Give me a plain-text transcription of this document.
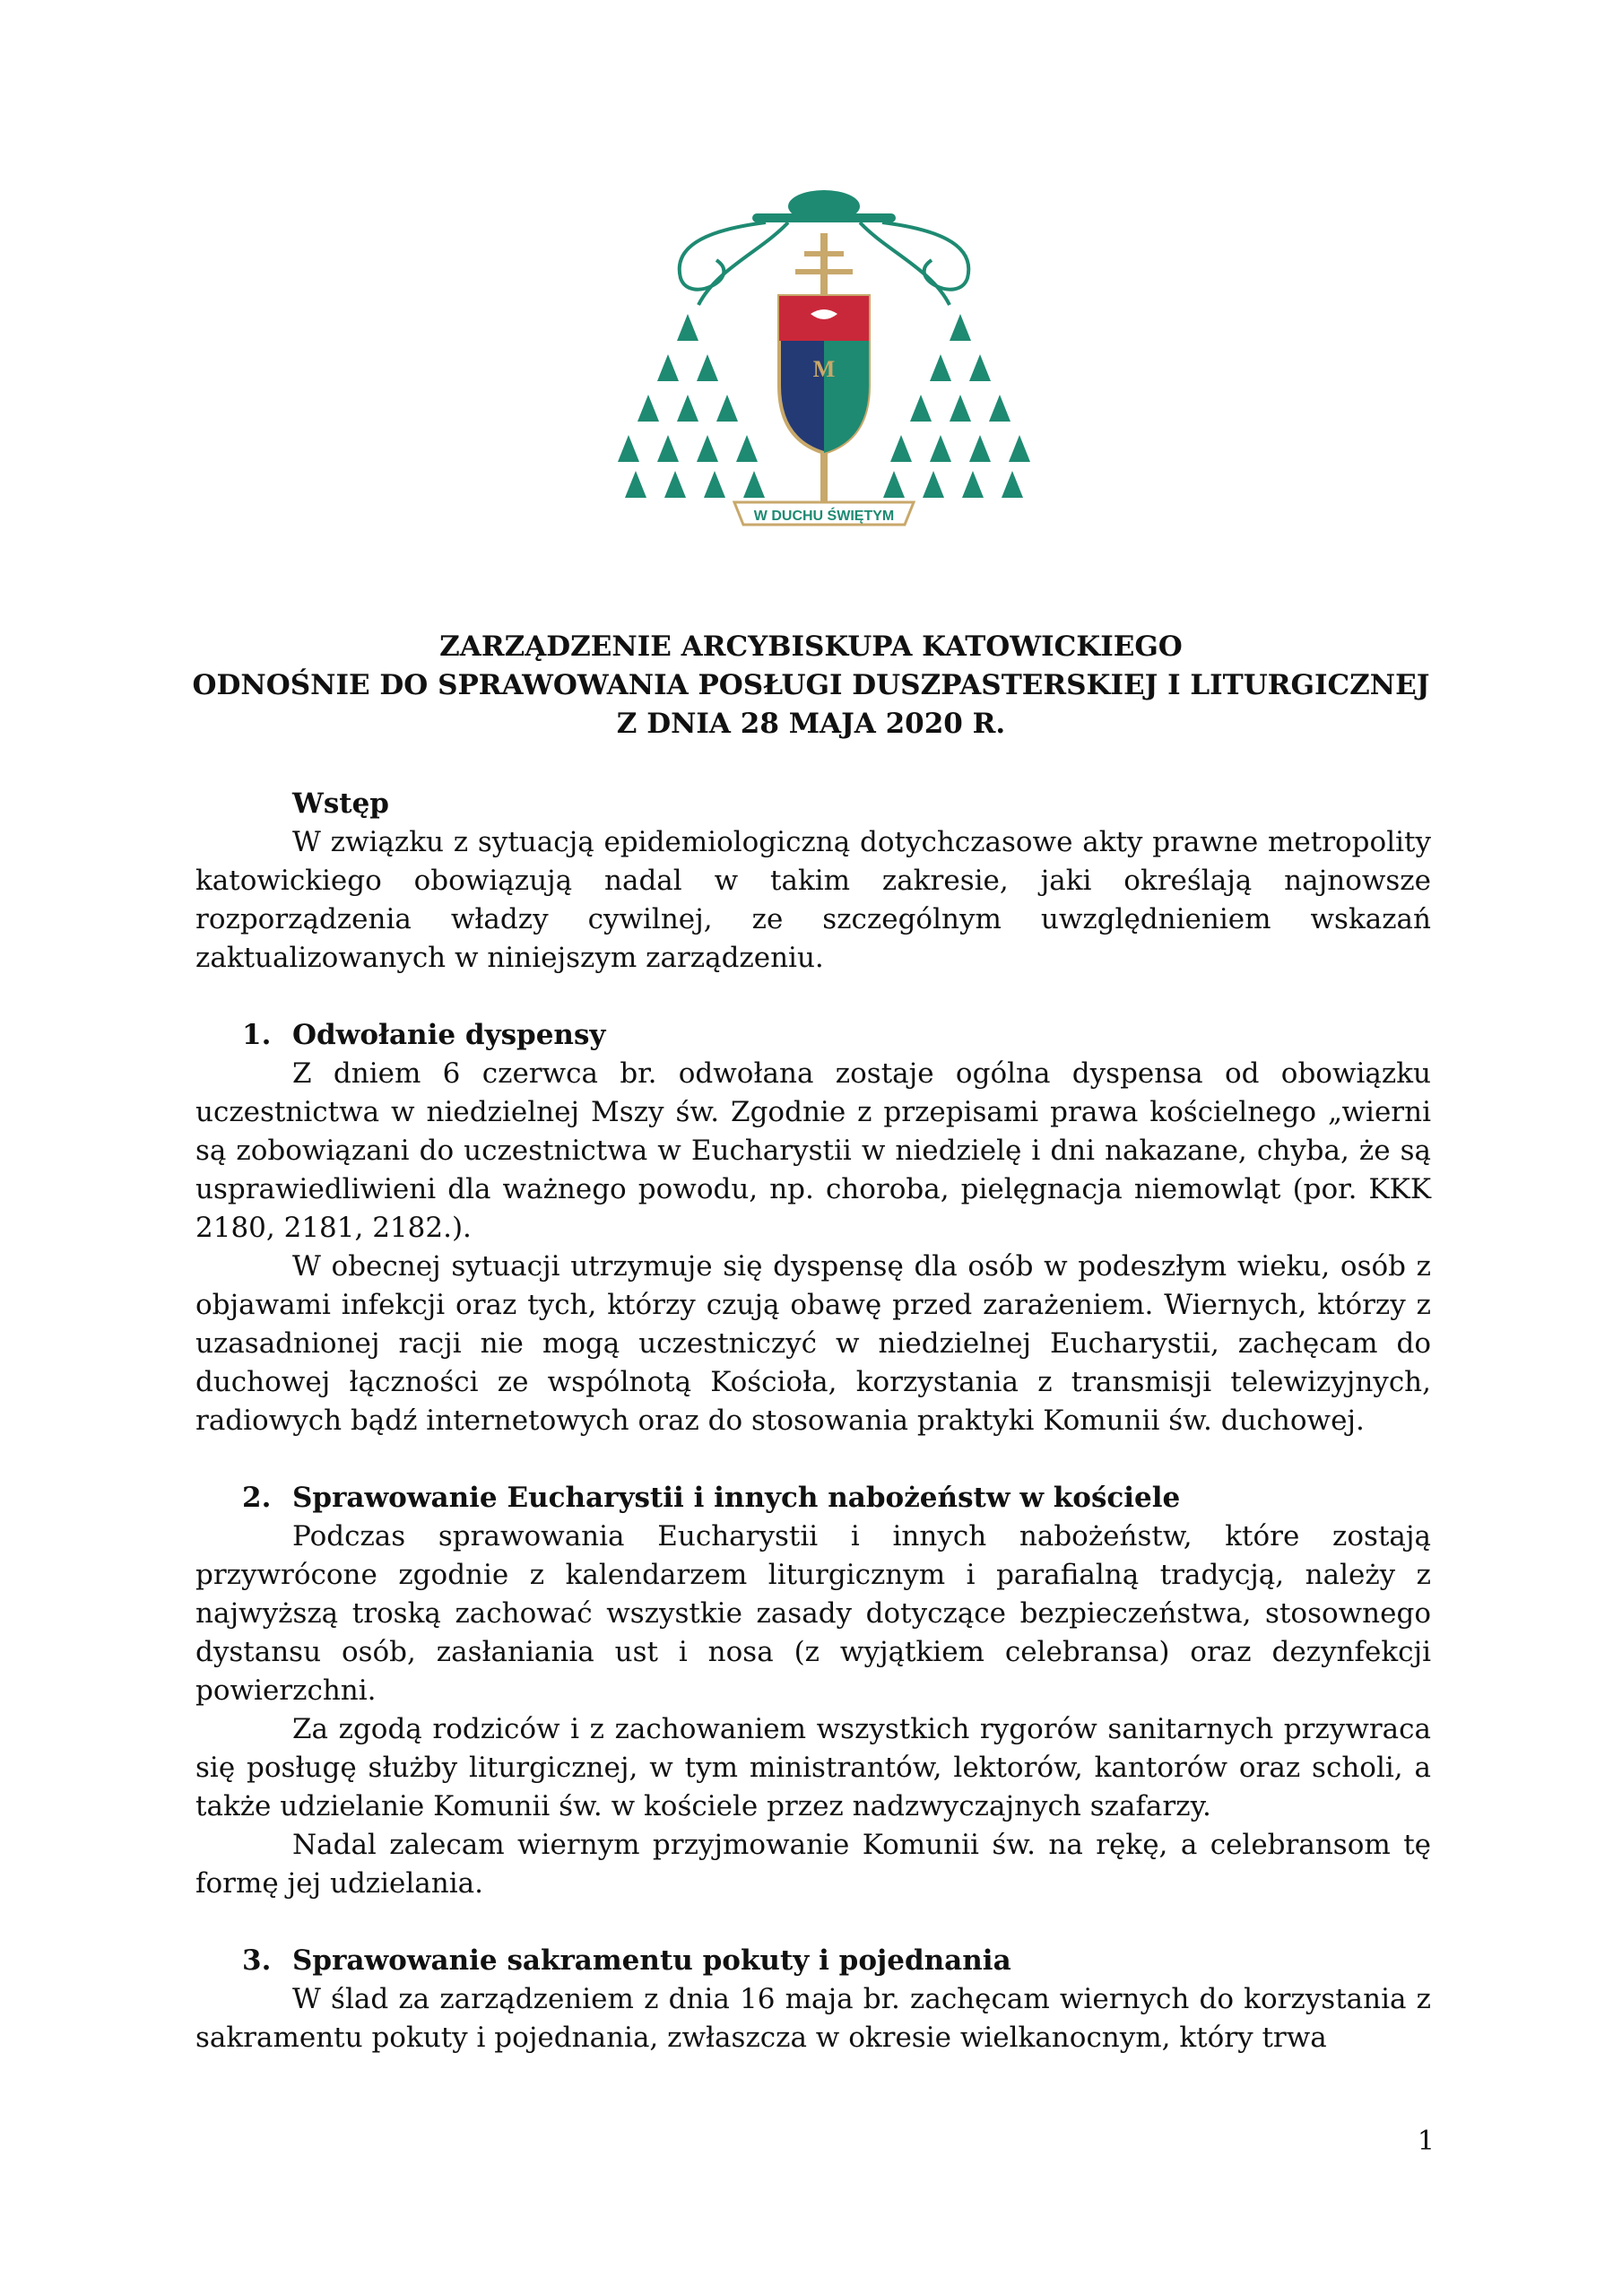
M
W DUCHU ŚWIĘTYM
ZARZĄDZENIE ARCYBISKUPA KATOWICKIEGO
ODNOŚNIE DO SPRAWOWANIA POSŁUGI DUSZPASTERSKIEJ I LITURGICZNEJ
Z DNIA 28 MAJA 2020 R.
Wstęp

W związku z sytuacją epidemiologiczną dotychczasowe akty prawne metropolity katowickiego obowiązują nadal w takim zakresie, jaki określają najnowsze rozporządzenia władzy cywilnej, ze szczególnym uwzględnieniem wskazań zaktualizowanych w niniejszym zarządzeniu.

1. Odwołanie dyspensy

Z dniem 6 czerwca br. odwołana zostaje ogólna dyspensa od obowiązku uczestnictwa w niedzielnej Mszy św. Zgodnie z przepisami prawa kościelnego „wierni są zobowiązani do uczestnictwa w Eucharystii w niedzielę i dni nakazane, chyba, że są usprawiedliwieni dla ważnego powodu, np. choroba, pielęgnacja niemowląt (por. KKK 2180, 2181, 2182.).

W obecnej sytuacji utrzymuje się dyspensę dla osób w podeszłym wieku, osób z objawami infekcji oraz tych, którzy czują obawę przed zarażeniem. Wiernych, którzy z uzasadnionej racji nie mogą uczestniczyć w niedzielnej Eucharystii, zachęcam do duchowej łączności ze wspólnotą Kościoła, korzystania z transmisji telewizyjnych, radiowych bądź internetowych oraz do stosowania praktyki Komunii św. duchowej.

2. Sprawowanie Eucharystii i innych nabożeństw w kościele

Podczas sprawowania Eucharystii i innych nabożeństw, które zostają przywrócone zgodnie z kalendarzem liturgicznym i parafialną tradycją, należy z najwyższą troską zachować wszystkie zasady dotyczące bezpieczeństwa, stosownego dystansu osób, zasłaniania ust i nosa (z wyjątkiem celebransa) oraz dezynfekcji powierzchni.

Za zgodą rodziców i z zachowaniem wszystkich rygorów sanitarnych przywraca się posługę służby liturgicznej, w tym ministrantów, lektorów, kantorów oraz scholi, a także udzielanie Komunii św. w kościele przez nadzwyczajnych szafarzy.

Nadal zalecam wiernym przyjmowanie Komunii św. na rękę, a celebransom tę formę jej udzielania.

3. Sprawowanie sakramentu pokuty i pojednania

W ślad za zarządzeniem z dnia 16 maja br. zachęcam wiernych do korzystania z sakramentu pokuty i pojednania, zwłaszcza w okresie wielkanocnym, który trwa

1
